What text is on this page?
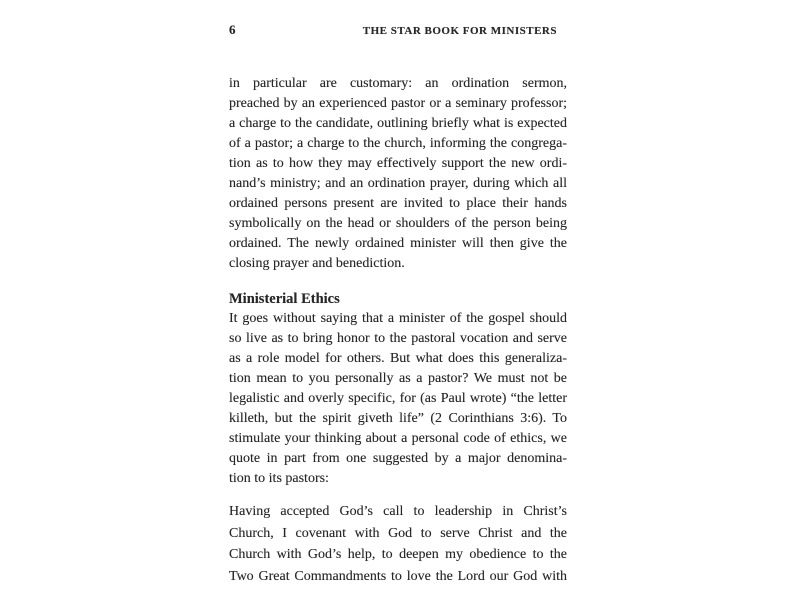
6	THE STAR BOOK FOR MINISTERS
in particular are customary: an ordination sermon,
preached by an experienced pastor or a seminary professor;
a charge to the candidate, outlining briefly what is expected
of a pastor; a charge to the church, informing the congrega-
tion as to how they may effectively support the new ordi-
nand’s ministry; and an ordination prayer, during which all
ordained persons present are invited to place their hands
symbolically on the head or shoulders of the person being
ordained. The newly ordained minister will then give the
closing prayer and benediction.
Ministerial Ethics
It goes without saying that a minister of the gospel should
so live as to bring honor to the pastoral vocation and serve
as a role model for others. But what does this generaliza-
tion mean to you personally as a pastor? We must not be
legalistic and overly specific, for (as Paul wrote) “the letter
killeth, but the spirit giveth life” (2 Corinthians 3:6). To
stimulate your thinking about a personal code of ethics, we
quote in part from one suggested by a major denomina-
tion to its pastors:
Having accepted God’s call to leadership in Christ’s
Church, I covenant with God to serve Christ and the
Church with God’s help, to deepen my obedience to the
Two Great Commandments to love the Lord our God with
